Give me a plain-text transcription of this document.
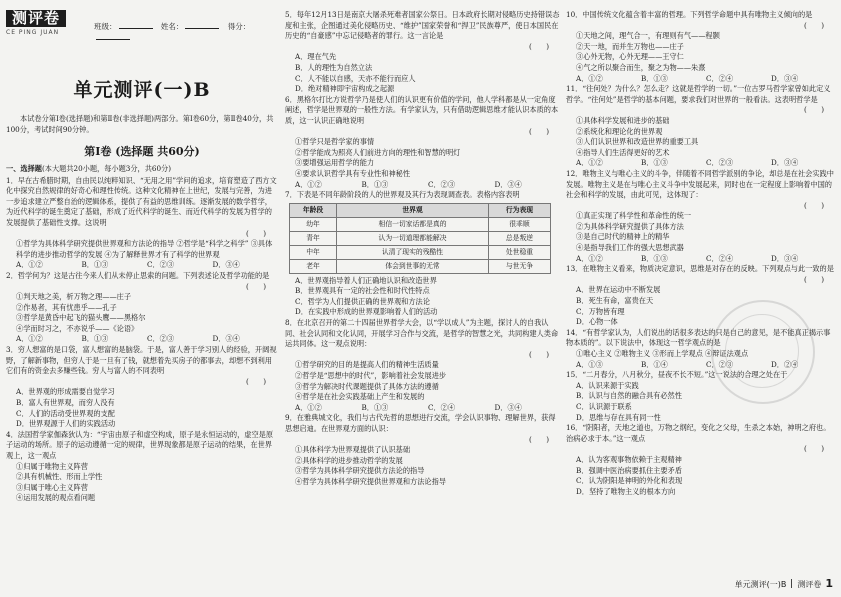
测评卷
CE PING JUAN
班级：	姓名：	得分：
单元测评(一)B

本试卷分第Ⅰ卷(选择题)和第Ⅱ卷(非选择题)两部分。第Ⅰ卷60分，第Ⅱ卷40分，共100分，考试时间90分钟。

第Ⅰ卷 (选择题 共60分)

一、选择题(本大题共20小题，每小题3分，共60分)

1．早在古希腊时期，自由民以纯粹知识、“无用之用”学问的追求，培育塑造了西方文化中探究自然规律的好奇心和理性传统。这种文化精神在上世纪，发展与完善，为进一步追求建立严整自治的逻辑体系，提供了有益的思维训练。逐渐发展的数学哲学，为近代科学的诞生奠定了基础，形成了近代科学的诞生、而近代科学的发展为哲学的发展提供了基础性支撑。这说明

(　　)

①哲学为具体科学研究提供世界观和方法论的指导 ②哲学是“科学之科学” ③具体科学的进步推动哲学的发展 ④为了解释世界才有了科学的世界观

A．①②	B．①③	C．②③	D．③④

2．哲学何为？这是古往今来人们从未停止思索的问题。下列表述论及哲学功能的是

(　　)

①判天地之美，析万物之理——庄子

②作易者，其有忧患乎——孔子

③哲学是黄昏中起飞的猫头鹰——黑格尔

④学而时习之，不亦说乎——《论语》

A．①②	B．①③	C．②③	D．③④

3．穷人想富的是口袋，富人想富的是脑袋。于是，富人善于学习别人的经验，开阔视野，了解新事物，但穷人于是一旦有了钱，就想着先买房子的都事去，却想不到利用它们有的资金去多赚些钱。穷人与富人的不同表明

(　　)

A．世界观的形成需要自觉学习

B．富人有世界观，而穷人没有

C．人们的活动受世界观的支配

D．世界观源于人们的实践活动

4．法国哲学家伽森狄认为：“宇宙由原子和虚空构成，原子是永恒运动的，虚空是原子运动的场所。原子的运动遵循一定的规律，世界现象都是原子运动的结果，在世界观上，这一观点

①归属于唯物主义阵营

②具有机械性、形而上学性

③归属于唯心主义阵营

④运用发展的观点看问题

5．每年12月13日是南京大屠杀死难者国家公祭日。日本政府长期对侵略历史持错误态度和主张，企图通过美化侵略历史、“维护”国家荣誉和“捍卫”民族尊严，使日本国民在历史的“自豪感”中忘记侵略者的罪行。这一言论是

(　　)

A．理在气先

B．人的理性为自然立法

C．人不能以自感，天亦不能行而应人

D．绝对精神即宇宙构成之起源

6．黑格尔打比方说哲学乃是使人们的认识更有价值的学问，他人学科都是从一定角度阐述，哲学是世界观的一般性方法。有学家认为，只有借助逻辑思维才能认识本质的本质，这一认识正确地说明

(　　)

①哲学只是哲学家的事情

②哲学能成为照亮人们前进方向的理性和智慧的明灯

③要增强运用哲学的能力

④要求认识哲学具有专业性和神秘性

A．①②	B．①③	C．②③	D．③④

7．下表是不同年龄阶段的人的世界观及其行为表现调查表。表格内容表明

年龄段	世界观	行为表现
幼年	相信一切家话都是真的	很乖顺
青年	认为一切道理都能解决	总是叛逆
中年	认清了现实的残酷性	处世稳重
老年	体会到世事的无常	与世无争

A．世界观指导着人们正确地认识和改造世界

B．世界观具有一定的社会性和时代性特点

C．哲学为人们提供正确的世界观和方法论

D．在实践中形成的世界观影响着人们的活动

8．在北京召开的第二十四届世界哲学大会，以“学以成人”为主题，探讨人的自我认同、社会认同和文化认同，开展学习合作与交流，是哲学的智慧之光，共同构建人类命运共同体。这一观点说明：

(　　)

①哲学研究的目的是提高人们的精神生活质量

②哲学是“思想中的时代”，影响着社会发展进步

③哲学为解决时代课题提供了具体方法的遵循

④哲学是在社会实践基础上产生和发展的

A．①②	B．①③	C．②④	D．③④

9．在雅典城文化，我们与古代先哲的思想进行交流，学会认识事物、理解世界，获得思想启迪。在世界观方面的认识：

(　　)

①具体科学为世界观提供了认识基础

②具体科学的进步推动哲学的发展

③哲学为具体科学研究提供方法论的指导

④哲学为具体科学研究提供世界观和方法论指导

10．中国传统文化蕴含着丰富的哲理。下列哲学命题中具有唯物主义倾向的是

(　　)

①天地之间，理气合一，有理则有气——程颢

②天一地，而并生万物也——庄子

③心外无物，心外无理——王守仁

④气之所以聚合而生，聚之为物——朱熹

A．①②	B．①③	C．②④	D．③④

11．“往何处？为什么？怎么走？这就是哲学的一切。”一位古罗马哲学家曾如此定义哲学。“往何处”是哲学的基本问题，要求我们对世界的一般看法。这表明哲学是

(　　)

①具体科学发展和进步的基础

②系统化和理论化的世界观

③人们认识世界和改造世界的重要工具

④指导人们生活得更好的艺术

A．①②	B．①③	C．②③	D．③④

12．唯物主义与唯心主义的斗争，伴随着不同哲学派别的争论，却总是在社会实践中发展。唯物主义是在与唯心主义斗争中发展起来，同时也在一定程度上影响着中国的社会和科学的发展，由此可见，这体现了：

(　　)

①真正实现了科学性和革命性的统一

②为具体科学研究提供了具体方法

③是自己时代的精神上的精华

④是指导我们工作的强大思想武器

A．①②	B．①③	C．②④	D．③④

13．在唯物主义看来，物质决定意识，思维是对存在的反映。下列观点与此一致的是

(　　)

A．世界在运动中不断发展

B．死生有命，富贵在天

C．万物皆有理

D．心物一体

14．“有哲学家认为，人们说出的话很多表达的只是自己的意见，是不能真正揭示事物本质的”。以下说法中，体现这一哲学观点的是

①唯心主义 ②唯物主义 ③形而上学观点 ④辩证法观点

A．①③	B．①④	C．②③	D．②④

15．“二月春分，八月秋分，昼夜不长不短。”这一说法的合理之处在于

A．认识来源于实践

B．认识与自然的融合具有必然性

C．认识源于联系

D．思维与存在具有同一性

16．“阴阳者，天地之道也，万物之纲纪，变化之父母，生杀之本始，神明之府也。治病必求于本。”这一观点

(　　)

A．认为客观事物依赖于主观精神

B．强调中医治病要抓住主要矛盾

C．认为阴阳是神明的外化和表现

D．坚持了唯物主义的根本方向

单元测评(一)B 测评卷 1
